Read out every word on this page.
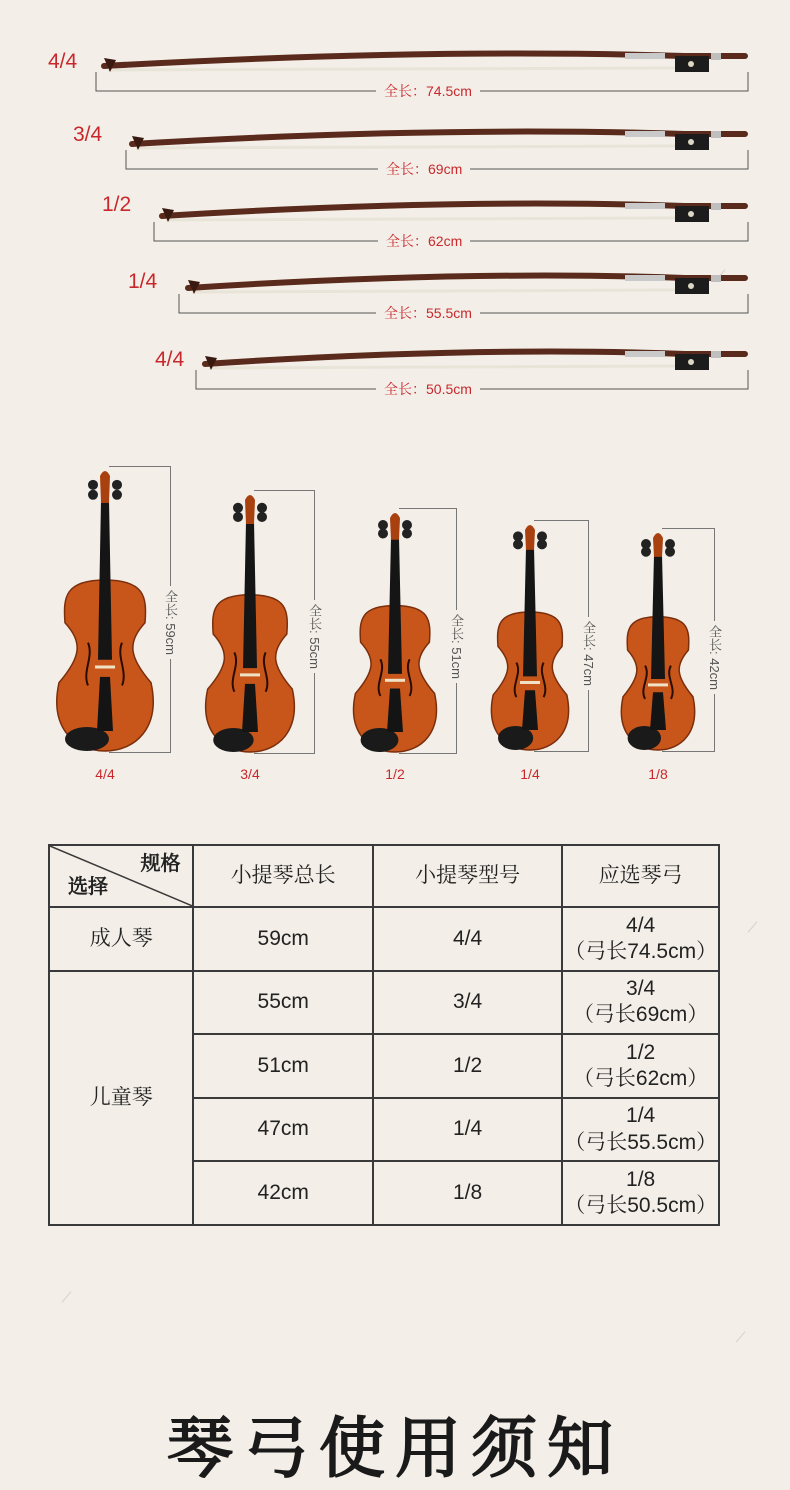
4/4
全长：74.5cm
3/4
全长：69cm
1/2
全长：62cm
1/4
全长：55.5cm
4/4
全长：50.5cm
全长: 59cm
4/4
全长: 55cm
3/4
全长: 51cm
1/2
全长: 47cm
1/4
全长: 42cm
1/8
规格
选择	小提琴总长	小提琴型号	应选琴弓
成人琴	59cm	4/4	4/4
（弓长74.5cm）

儿童琴	55cm	3/4	3/4
（弓长69cm）

	51cm	1/2	1/2
（弓长62cm）

	47cm	1/4	1/4
（弓长55.5cm）

	42cm	1/8	1/8
（弓长50.5cm）
琴弓使用须知
